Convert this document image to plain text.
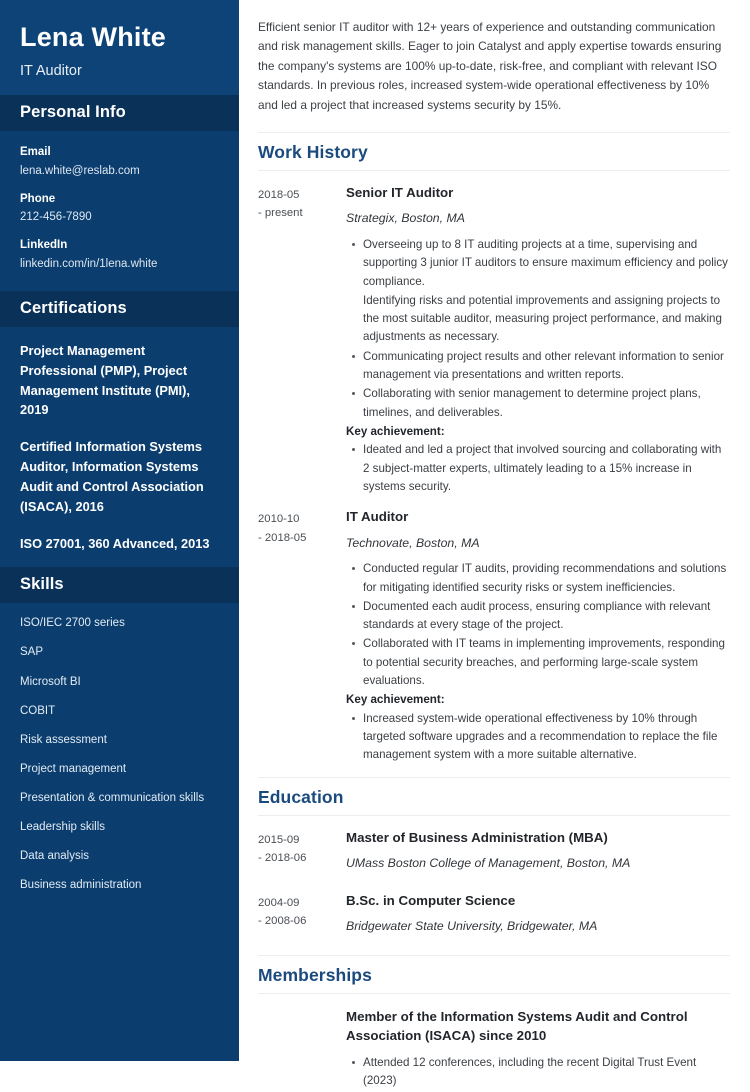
Lena White
IT Auditor
Personal Info
Email
lena.white@reslab.com
Phone
212-456-7890
LinkedIn
linkedin.com/in/1lena.white
Certifications
Project Management Professional (PMP), Project Management Institute (PMI), 2019
Certified Information Systems Auditor, Information Systems Audit and Control Association (ISACA), 2016
ISO 27001, 360 Advanced, 2013
Skills
ISO/IEC 2700 series
SAP
Microsoft BI
COBIT
Risk assessment
Project management
Presentation & communication skills
Leadership skills
Data analysis
Business administration

Efficient senior IT auditor with 12+ years of experience and outstanding communication and risk management skills. Eager to join Catalyst and apply expertise towards ensuring the company's systems are 100% up-to-date, risk-free, and compliant with relevant ISO standards. In previous roles, increased system-wide operational effectiveness by 10% and led a project that increased systems security by 15%.

Work History
2018-05
- present
Senior IT Auditor
Strategix, Boston, MA
Overseeing up to 8 IT auditing projects at a time, supervising and supporting 3 junior IT auditors to ensure maximum efficiency and policy compliance.
Identifying risks and potential improvements and assigning projects to the most suitable auditor, measuring project performance, and making adjustments as necessary.
Communicating project results and other relevant information to senior management via presentations and written reports.
Collaborating with senior management to determine project plans, timelines, and deliverables.
Key achievement:
Ideated and led a project that involved sourcing and collaborating with 2 subject-matter experts, ultimately leading to a 15% increase in systems security.
2010-10
- 2018-05
IT Auditor
Technovate, Boston, MA
Conducted regular IT audits, providing recommendations and solutions for mitigating identified security risks or system inefficiencies.
Documented each audit process, ensuring compliance with relevant standards at every stage of the project.
Collaborated with IT teams in implementing improvements, responding to potential security breaches, and performing large-scale system evaluations.
Key achievement:
Increased system-wide operational effectiveness by 10% through targeted software upgrades and a recommendation to replace the file management system with a more suitable alternative.
Education
2015-09
- 2018-06
Master of Business Administration (MBA)
UMass Boston College of Management, Boston, MA
2004-09
- 2008-06
B.Sc. in Computer Science
Bridgewater State University, Bridgewater, MA
Memberships
Member of the Information Systems Audit and Control Association (ISACA) since 2010
Attended 12 conferences, including the recent Digital Trust Event (2023)
